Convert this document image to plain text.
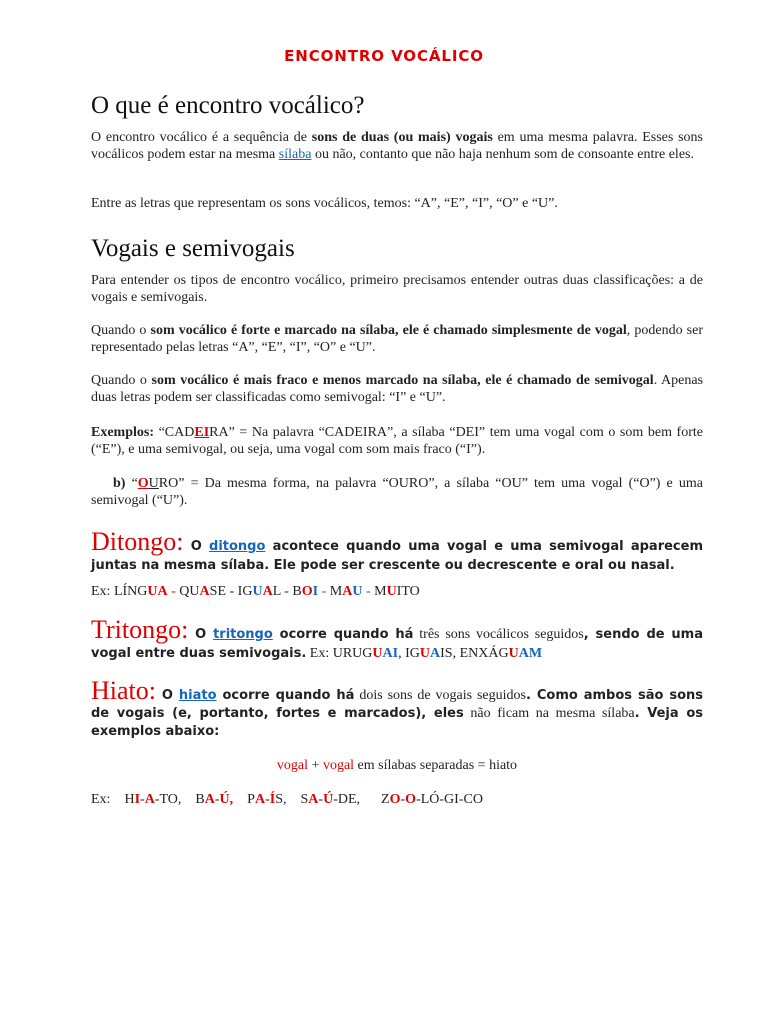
ENCONTRO VOCÁLICO
O que é encontro vocálico?

O encontro vocálico é a sequência de sons de duas (ou mais) vogais em uma mesma palavra. Esses sons vocálicos podem estar na mesma sílaba ou não, contanto que não haja nenhum som de consoante entre eles.

Entre as letras que representam os sons vocálicos, temos: “A”, “E”, “I”, “O” e “U”.

Vogais e semivogais

Para entender os tipos de encontro vocálico, primeiro precisamos entender outras duas classificações: a de vogais e semivogais.

Quando o som vocálico é forte e marcado na sílaba, ele é chamado simplesmente de vogal, podendo ser representado pelas letras “A”, “E”, “I”, “O” e “U”.

Quando o som vocálico é mais fraco e menos marcado na sílaba, ele é chamado de semivogal. Apenas duas letras podem ser classificadas como semivogal: “I” e “U”.

Exemplos: “CADEIRA” = Na palavra “CADEIRA”, a sílaba “DEI” tem uma vogal com o som bem forte (“E”), e uma semivogal, ou seja, uma vogal com som mais fraco (“I”).

b) “OURO” = Da mesma forma, na palavra “OURO”, a sílaba “OU” tem uma vogal (“O”) e uma semivogal (“U”).

Ditongo: O ditongo acontece quando uma vogal e uma semivogal aparecem juntas na mesma sílaba. Ele pode ser crescente ou decrescente e oral ou nasal.

Ex: LÍNGUA - QUASE - IGUAL - BOI - MAU - MUITO

Tritongo: O tritongo ocorre quando há três sons vocálicos seguidos, sendo de uma vogal entre duas semivogais. Ex: URUGUAI, IGUAIS, ENXÁGUAM

Hiato: O hiato ocorre quando há dois sons de vogais seguidos. Como ambos são sons de vogais (e, portanto, fortes e marcados), eles não ficam na mesma sílaba. Veja os exemplos abaixo:

vogal + vogal em sílabas separadas = hiato

Ex:    HI-A-TO,    BA-Ú,    PA-ÍS,    SA-Ú-DE,      ZO-O-LÓ-GI-CO
